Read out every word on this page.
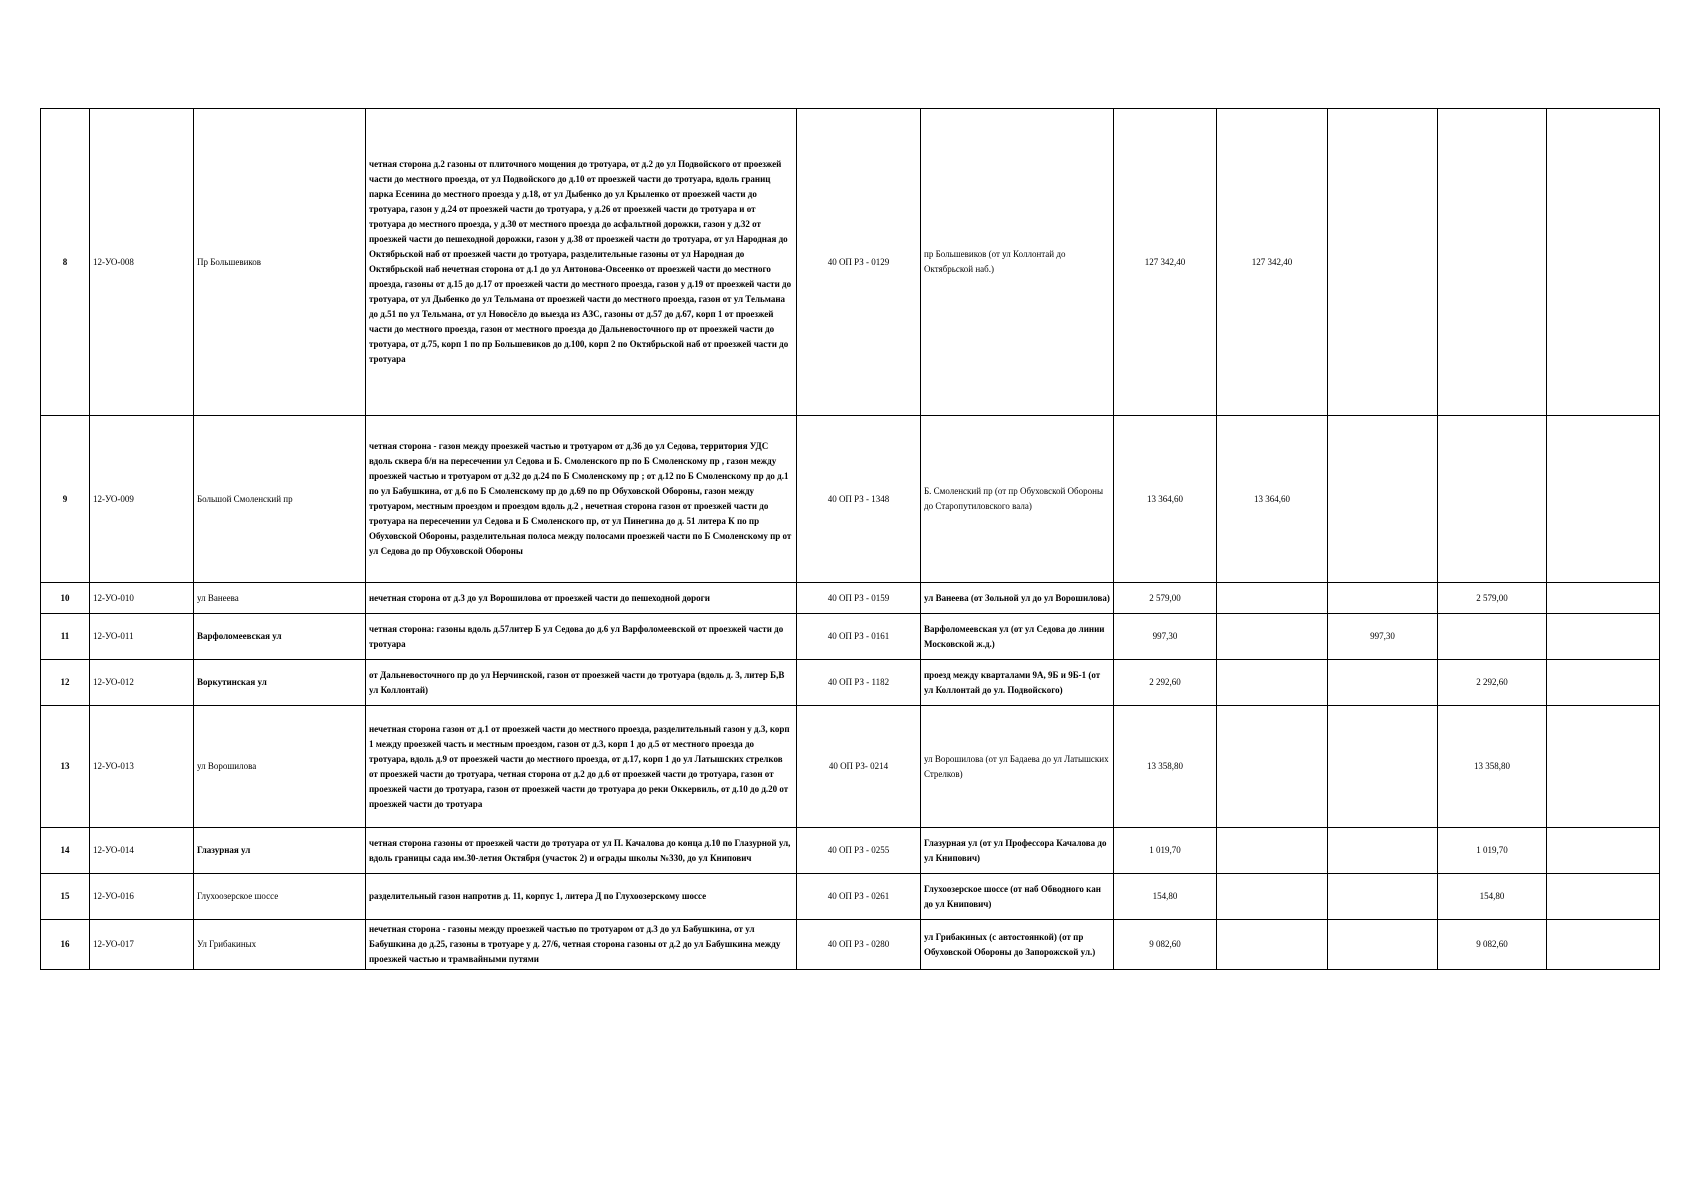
8	12-УО-008	Пр Большевиков	четная сторона д.2 газоны от плиточного мощения до тротуара, от д.2 до ул Подвойского от проезжей части до местного проезда, от ул Подвойского до д.10 от проезжей части до тротуара, вдоль границ парка Есенина до местного проезда у д.18, от ул Дыбенко до ул Крыленко от проезжей части до тротуара, газон у д.24 от проезжей части до тротуара, у д.26 от проезжей части до тротуара и от тротуара до местного проезда, у д.30 от местного проезда до асфальтной дорожки, газон у д.32 от проезжей части до пешеходной дорожки, газон у д.38 от проезжей части до тротуара, от ул Народная до Октябрьской наб от проезжей части до тротуара, разделительные газоны от ул Народная до Октябрьской наб нечетная сторона от д.1 до ул Антонова-Овсеенко от проезжей части до местного проезда, газоны от д.15 до д.17 от проезжей части до местного проезда, газон у д.19 от проезжей части до тротуара, от ул Дыбенко до ул Тельмана от проезжей части до местного проезда, газон от ул Тельмана до д.51 по ул Тельмана, от ул Новосёло до выезда из АЗС, газоны от д.57 до д.67, корп 1 от проезжей части до местного проезда, газон от местного проезда до Дальневосточного пр от проезжей части до тротуара, от д.75, корп 1 по пр Большевиков до д.100, корп 2 по Октябрьской наб от проезжей части до тротуара	40 ОП РЗ - 0129	пр Большевиков (от ул Коллонтай до Октябрьской наб.)	127 342,40	127 342,40			
9	12-УО-009	Большой Смоленский пр	четная сторона - газон между проезжей частью и тротуаром от д.36 до ул Седова, территория УДС вдоль сквера б/н на пересечении ул Седова и Б. Смоленского пр по Б Смоленскому пр , газон между проезжей частью и тротуаром от д.32 до д.24 по Б Смоленскому пр ; от д.12 по Б Смоленскому пр до д.1 по ул Бабушкина, от д.6 по Б Смоленскому пр до д.69 по пр Обуховской Обороны, газон между тротуаром, местным проездом и проездом вдоль д.2 , нечетная сторона газон от проезжей части до тротуара на пересечении ул Седова и Б Смоленского пр, от ул Пинегина до д. 51 литера К по пр Обуховской Обороны, разделительная полоса между полосами проезжей части по Б Смоленскому пр от ул Седова до пр Обуховской Обороны	40 ОП РЗ - 1348	Б. Смоленский пр (от пр Обуховской Обороны до Старопутиловского вала)	13 364,60	13 364,60			
10	12-УО-010	ул Ванеева	нечетная сторона от д.3 до ул Ворошилова от проезжей части до пешеходной дороги	40 ОП РЗ - 0159	ул Ванеева (от Зольной ул до ул Ворошилова)	2 579,00			2 579,00	
11	12-УО-011	Варфоломеевская ул	четная сторона: газоны вдоль д.57литер Б ул Седова до д.6 ул Варфоломеевской от проезжей части до тротуара	40 ОП РЗ - 0161	Варфоломеевская ул (от ул Седова до линии Московской ж.д.)	997,30		997,30		
12	12-УО-012	Воркутинская ул	от Дальневосточного пр до ул Нерчинской, газон от проезжей части до тротуара (вдоль д. 3, литер Б,В ул Коллонтай)	40 ОП РЗ - 1182	проезд между кварталами 9А, 9Б и 9Б-1 (от ул Коллонтай до ул. Подвойского)	2 292,60			2 292,60	
13	12-УО-013	ул Ворошилова	нечетная сторона газон от д.1 от проезжей части до местного проезда, разделительный газон у д.3, корп 1 между проезжей часть и местным проездом, газон от д.3, корп 1 до д.5 от местного проезда до тротуара, вдоль д.9 от проезжей части до местного проезда, от д.17, корп 1 до ул Латышских стрелков от проезжей части до тротуара, четная сторона от д.2 до д.6 от проезжей части до тротуара, газон от проезжей части до тротуара, газон от проезжей части до тротуара до реки Оккервиль, от д.10 до д.20 от проезжей части до тротуара	40 ОП РЗ- 0214	ул Ворошилова (от ул Бадаева до ул Латышских Стрелков)	13 358,80			13 358,80	
14	12-УО-014	Глазурная ул	четная сторона газоны от проезжей части до тротуара от ул П. Качалова до конца д.10 по Глазурной ул, вдоль границы сада им.30-летия Октября (участок 2) и ограды школы №330, до ул Книпович	40 ОП РЗ - 0255	Глазурная ул (от ул Профессора Качалова до ул Книпович)	1 019,70			1 019,70	
15	12-УО-016	Глухоозерское шоссе	разделительный газон напротив д. 11, корпус 1, литера Д по Глухоозерскому шоссе	40 ОП РЗ - 0261	Глухоозерское шоссе (от наб Обводного кан до ул Книпович)	154,80			154,80	
16	12-УО-017	Ул Грибакиных	нечетная сторона - газоны между проезжей частью по тротуаром от д.3 до ул Бабушкина, от ул Бабушкина до д.25, газоны в тротуаре у д. 27/6, четная сторона газоны от д.2 до ул Бабушкина между проезжей частью и трамвайными путями	40 ОП РЗ - 0280	ул Грибакиных (с автостоянкой) (от пр Обуховской Обороны до Запорожской ул.)	9 082,60			9 082,60	
